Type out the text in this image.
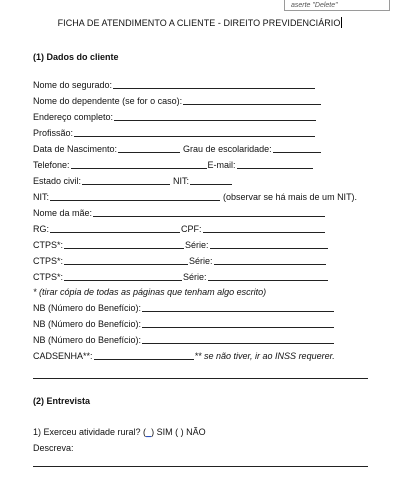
aserte "Delete"
FICHA DE ATENDIMENTO A CLIENTE - DIREITO PREVIDENCIÁRIO
(1) Dados do cliente
Nome do segurado:
Nome do dependente (se for o caso):
Endereço completo:
Profissão:
Data de Nascimento:	Grau de escolaridade:
Telefone:	E-mail:
Estado civil:	NIT:
NIT:	(observar se há mais de um NIT).
Nome da mãe:
RG:	CPF:
CTPS*:	Série:
CTPS*:	Série:
CTPS*:	Série:
* (tirar cópia de todas as páginas que tenham algo escrito)
NB (Número do Benefício):
NB (Número do Benefício):
NB (Número do Benefício):
CADSENHA**:	** se não tiver, ir ao INSS requerer.
(2) Entrevista
1) Exerceu atividade rural? ( _ ) SIM ( ) NÃO
Descreva:
